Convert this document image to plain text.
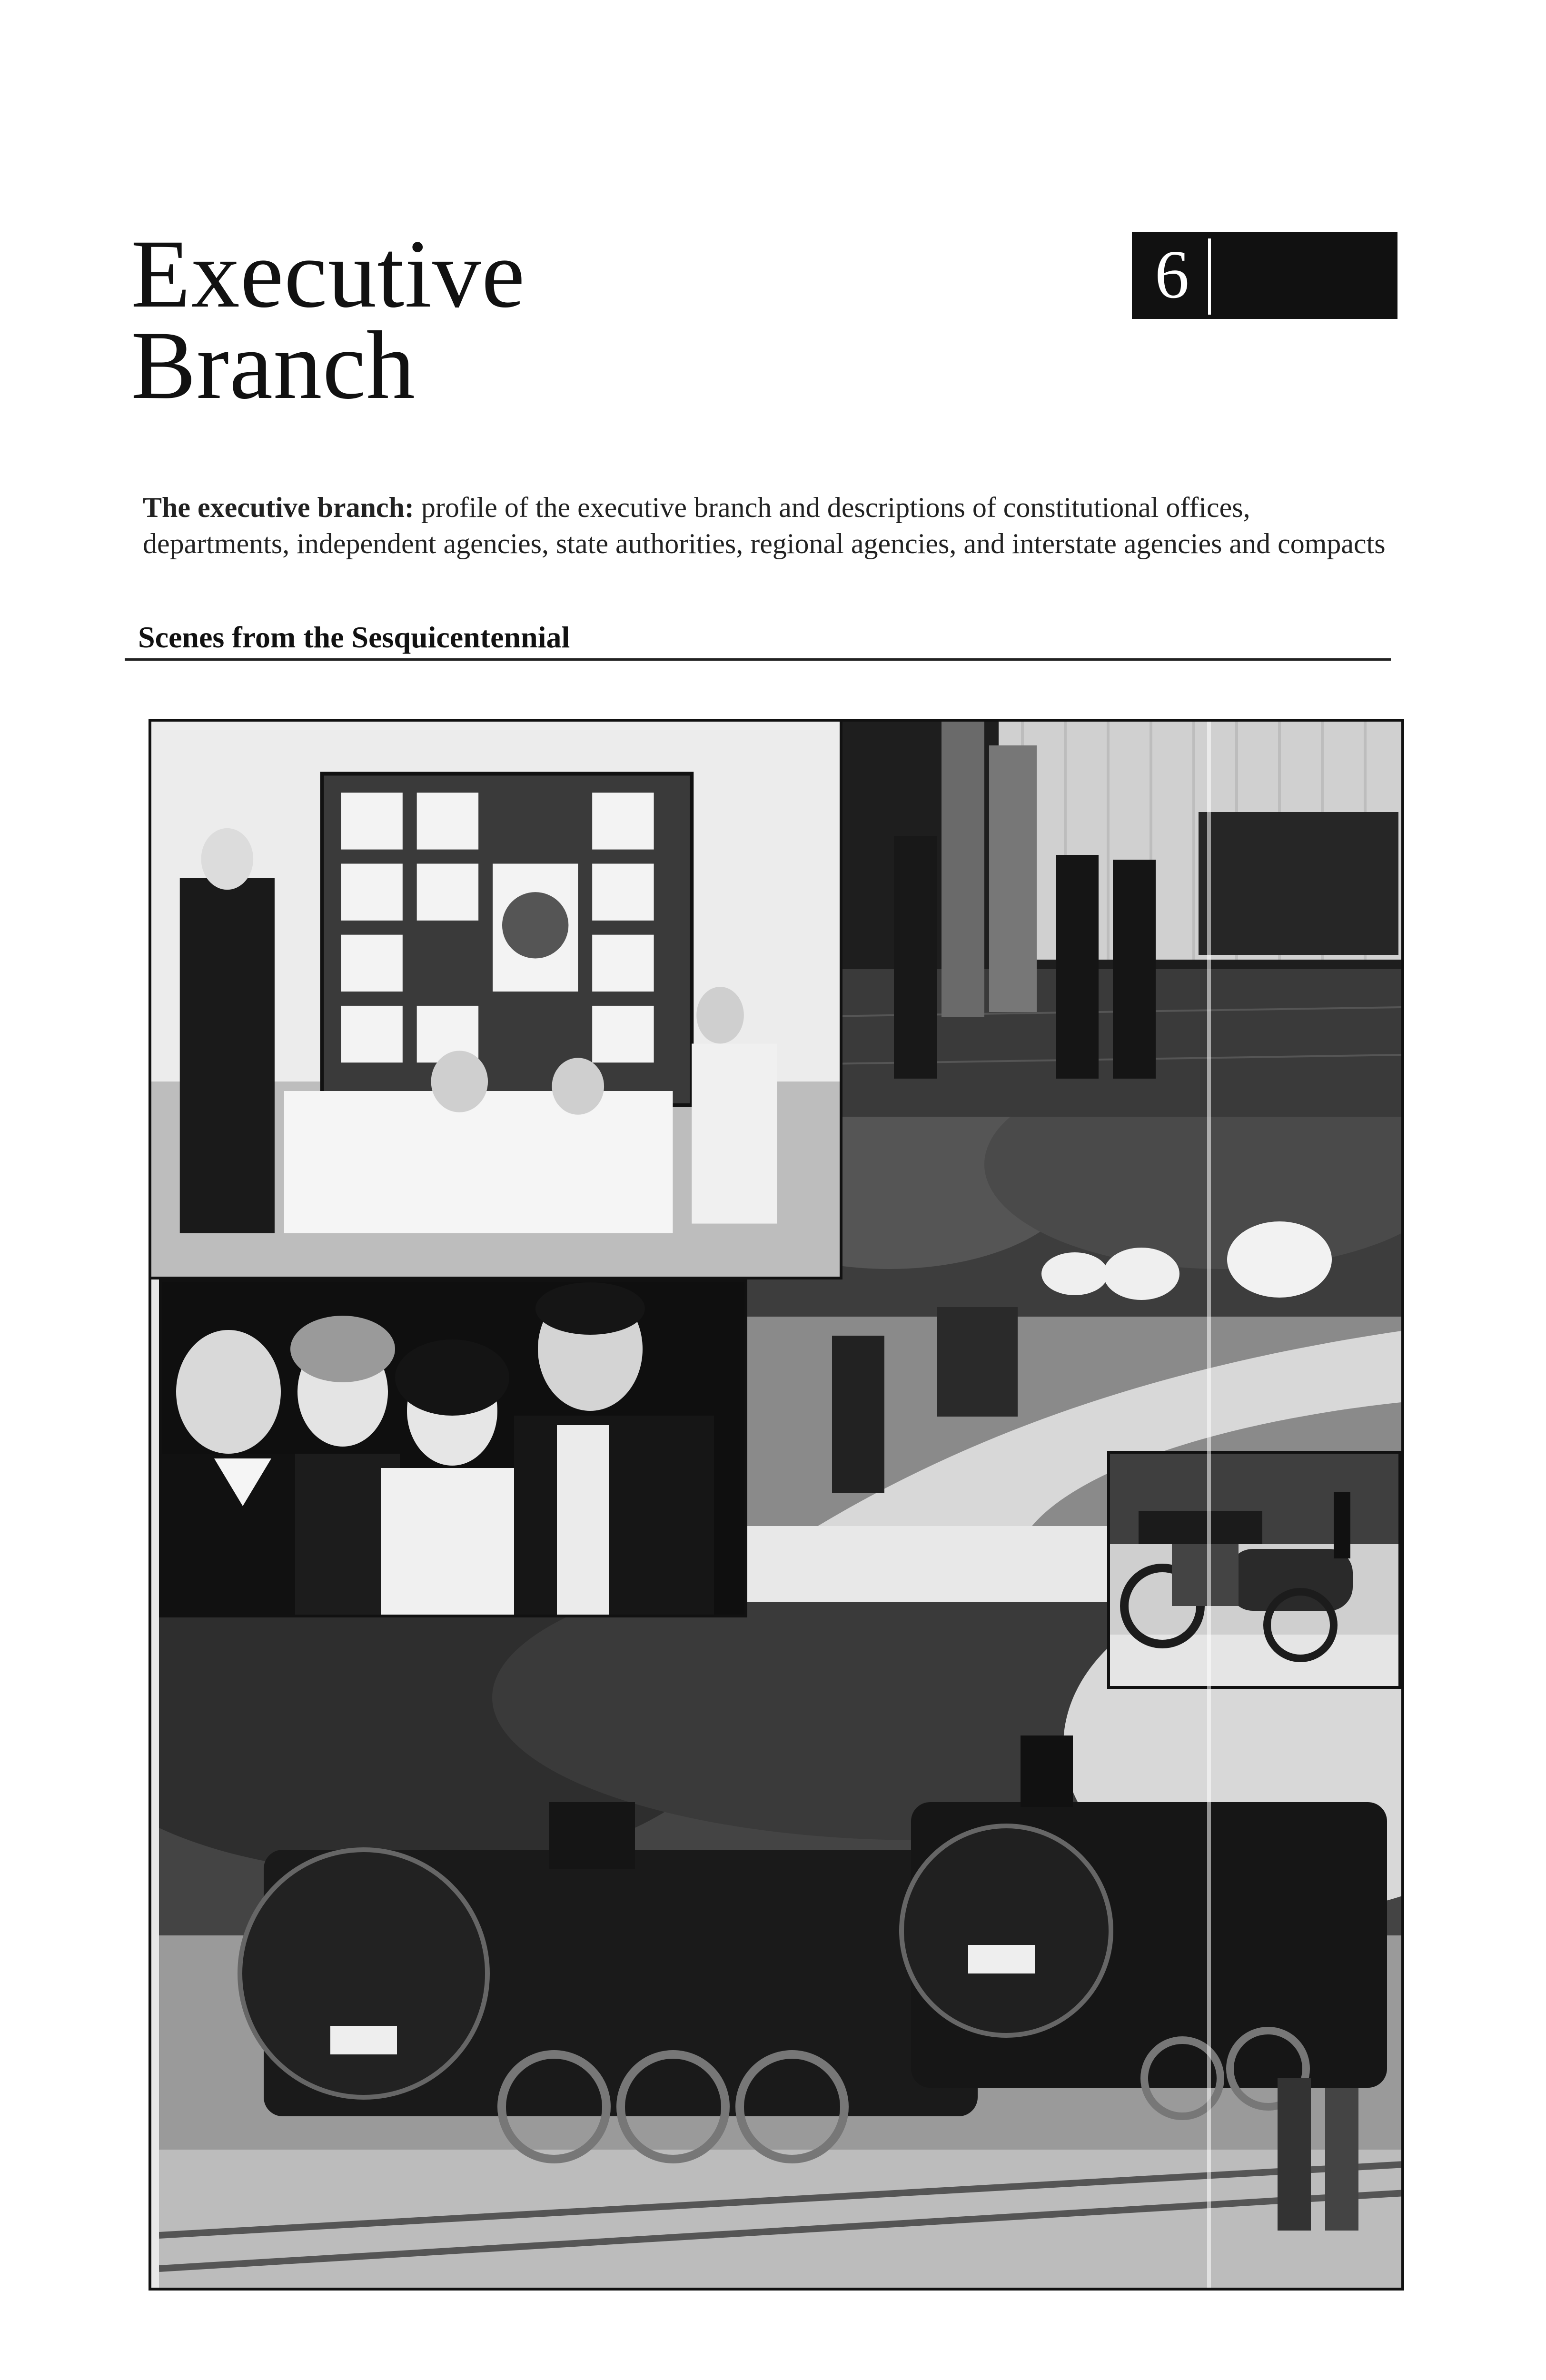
Executive
Branch
6

The executive branch: profile of the executive branch and descriptions of constitutional offices, departments, independent agencies, state authorities, regional agencies, and interstate agencies and compacts

Scenes from the Sesquicentennial
